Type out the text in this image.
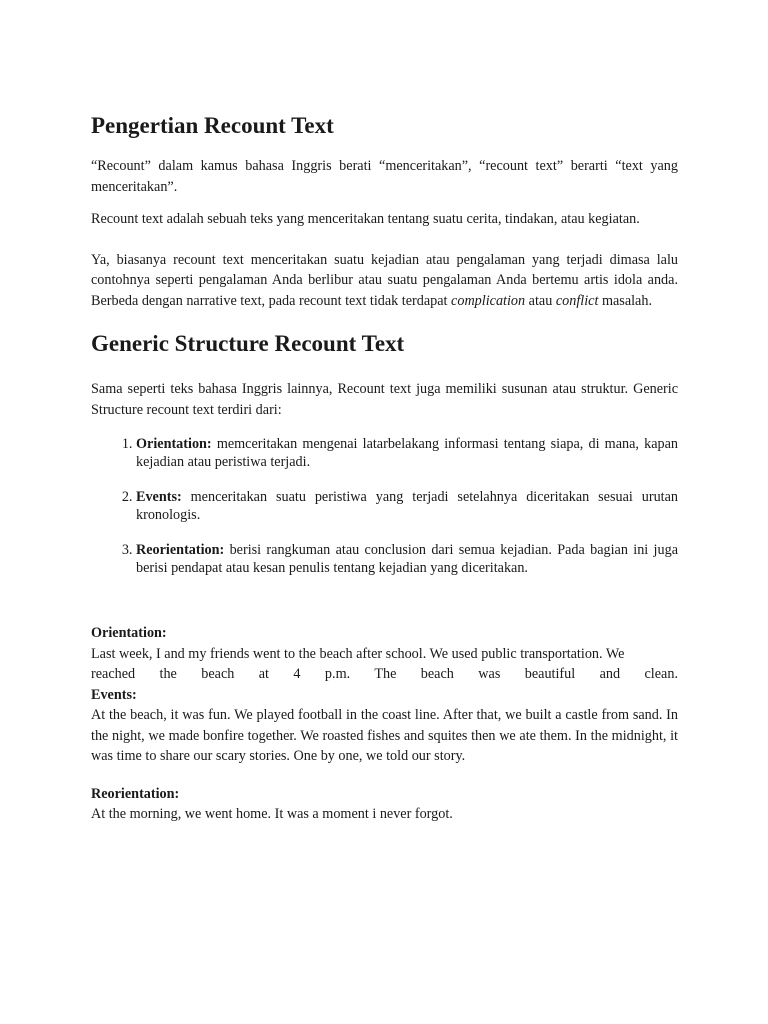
Pengertian Recount Text

“Recount” dalam kamus bahasa Inggris berati “menceritakan”, “recount text” berarti “text yang menceritakan”.

Recount text adalah sebuah teks yang menceritakan tentang suatu cerita, tindakan, atau kegiatan.

Ya, biasanya recount text menceritakan suatu kejadian atau pengalaman yang terjadi dimasa lalu contohnya seperti pengalaman Anda berlibur atau suatu pengalaman Anda bertemu artis idola anda. Berbeda dengan narrative text, pada recount text tidak terdapat complication atau conflict masalah.

Generic Structure Recount Text

Sama seperti teks bahasa Inggris lainnya, Recount text juga memiliki susunan atau struktur. Generic Structure recount text terdiri dari:

1. Orientation: memceritakan mengenai latarbelakang informasi tentang siapa, di mana, kapan kejadian atau peristiwa terjadi.
2. Events: menceritakan suatu peristiwa yang terjadi setelahnya diceritakan sesuai urutan kronologis.
3. Reorientation: berisi rangkuman atau conclusion dari semua kejadian. Pada bagian ini juga berisi pendapat atau kesan penulis tentang kejadian yang diceritakan.

Orientation:

Last week, I and my friends went to the beach after school. We used public transportation. We

reached the beach at 4 p.m. The beach was beautiful and clean.

Events:

At the beach, it was fun. We played football in the coast line. After that, we built a castle from sand. In the night, we made bonfire together. We roasted fishes and squites then we ate them. In the midnight, it was time to share our scary stories. One by one, we told our story.

Reorientation:

At the morning, we went home. It was a moment i never forgot.
